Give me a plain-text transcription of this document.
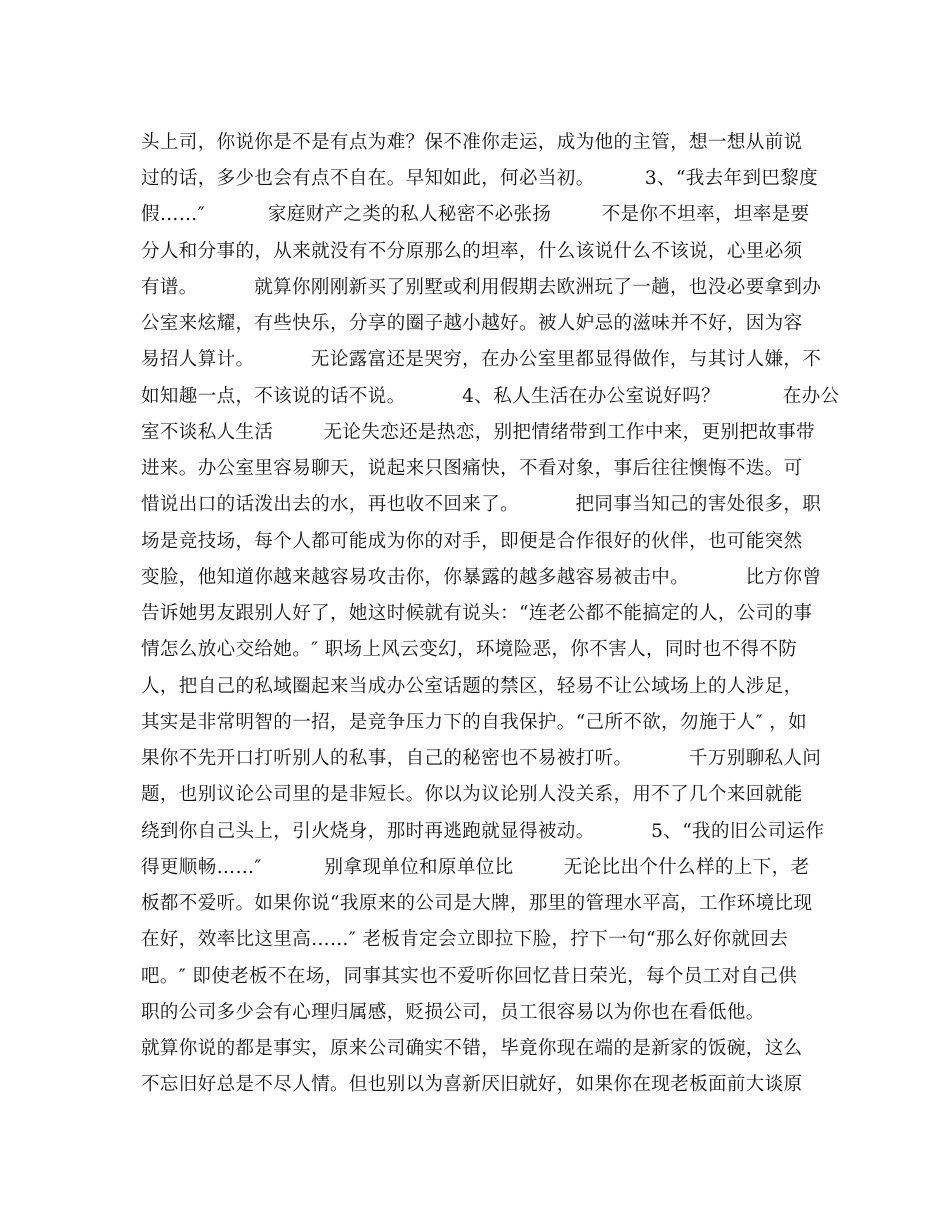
头上司，你说你是不是有点为难？保不准你走运，成为他的主管，想一想从前说
过的话，多少也会有点不自在。早知如此，何必当初。        3、“我去年到巴黎度
假……″          家庭财产之类的私人秘密不必张扬        不是你不坦率，坦率是要
分人和分事的，从来就没有不分原那么的坦率，什么该说什么不该说，心里必须
有谱。         就算你刚刚新买了别墅或利用假期去欧洲玩了一趟，也没必要拿到办
公室来炫耀，有些快乐，分享的圈子越小越好。被人妒忌的滋味并不好，因为容
易招人算计。         无论露富还是哭穷，在办公室里都显得做作，与其讨人嫌，不
如知趣一点，不该说的话不说。         4、私人生活在办公室说好吗？          在办公
室不谈私人生活        无论失恋还是热恋，别把情绪带到工作中来，更别把故事带
进来。办公室里容易聊天，说起来只图痛快，不看对象，事后往往懊悔不迭。可
惜说出口的话泼出去的水，再也收不回来了。         把同事当知己的害处很多，职
场是竞技场，每个人都可能成为你的对手，即便是合作很好的伙伴，也可能突然
变脸，他知道你越来越容易攻击你，你暴露的越多越容易被击中。         比方你曾
告诉她男友跟别人好了，她这时候就有说头：“连老公都不能搞定的人，公司的事
情怎么放心交给她。″ 职场上风云变幻，环境险恶，你不害人，同时也不得不防
人，把自己的私域圈起来当成办公室话题的禁区，轻易不让公域场上的人涉足，
其实是非常明智的一招，是竞争压力下的自我保护。“己所不欲，勿施于人″ ，如
果你不先开口打听别人的私事，自己的秘密也不易被打听。         千万别聊私人问
题，也别议论公司里的是非短长。你以为议论别人没关系，用不了几个来回就能
绕到你自己头上，引火烧身，那时再逃跑就显得被动。         5、“我的旧公司运作
得更顺畅……″          别拿现单位和原单位比        无论比出个什么样的上下，老
板都不爱听。如果你说“我原来的公司是大牌，那里的管理水平高，工作环境比现
在好，效率比这里高……″ 老板肯定会立即拉下脸，拧下一句“那么好你就回去
吧。″ 即使老板不在场，同事其实也不爱听你回忆昔日荣光，每个员工对自己供
职的公司多少会有心理归属感，贬损公司，员工很容易以为你也在看低他。
就算你说的都是事实，原来公司确实不错，毕竟你现在端的是新家的饭碗，这么
不忘旧好总是不尽人情。但也别以为喜新厌旧就好，如果你在现老板面前大谈原
